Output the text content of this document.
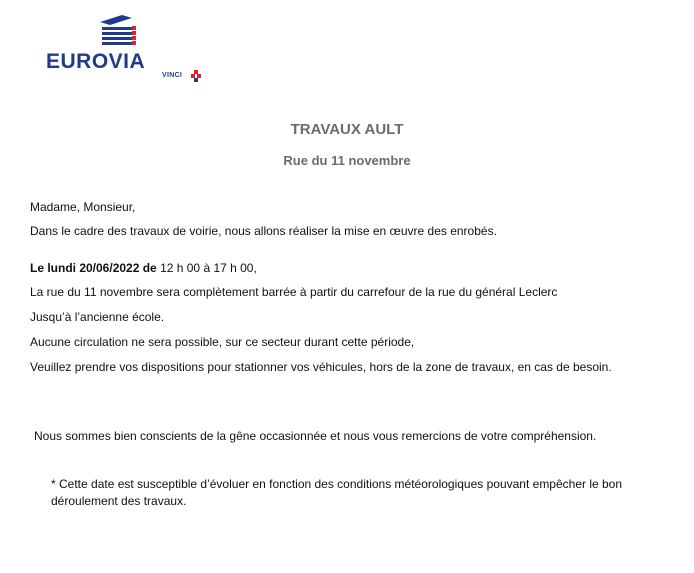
EUROVIA
VINCI
TRAVAUX AULT
Rue du 11 novembre
Madame, Monsieur,
Dans le cadre des travaux de voirie, nous allons réaliser la mise en œuvre des enrobés.
Le lundi 20/06/2022 de 12 h 00 à 17 h 00,
La rue du 11 novembre sera complètement barrée à partir du carrefour de la rue du général Leclerc
Jusqu’à l’ancienne école.
Aucune circulation ne sera possible, sur ce secteur durant cette période,
Veuillez prendre vos dispositions pour stationner vos véhicules, hors de la zone de travaux, en cas de besoin.
Nous sommes bien conscients de la gêne occasionnée et nous vous remercions de votre compréhension.
* Cette date est susceptible d’évoluer en fonction des conditions météorologiques pouvant empêcher le bon déroulement des travaux.
